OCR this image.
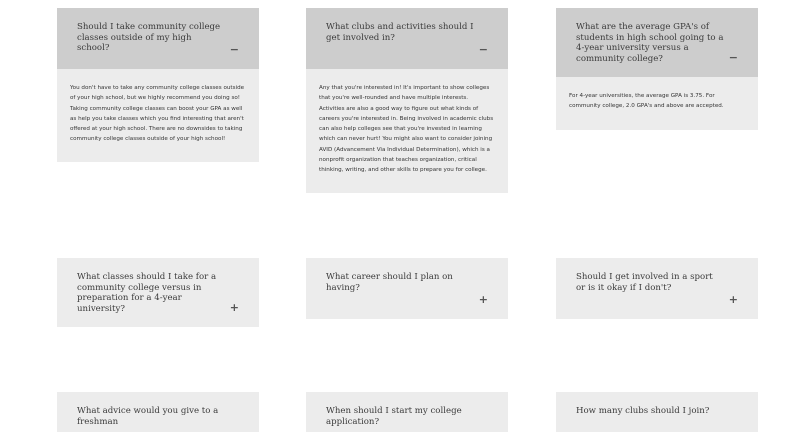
Should I take community college classes outside of my high school?	−
You don't have to take any community college classes outside of your high school, but we highly recommend you doing so! Taking community college classes can boost your GPA as well as help you take classes which you find interesting that aren't offered at your high school. There are no downsides to taking community college classes outside of your high school!
What clubs and activities should I get involved in?
−
Any that you're interested in! It's important to show colleges that you're well-rounded and have multiple interests. Activities are also a good way to figure out what kinds of careers you're interested in. Being involved in academic clubs can also help colleges see that you're invested in learning which can never hurt! You might also want to consider joining AVID (Advancement Via Individual Determination), which is a nonprofit organization that teaches organization, critical thinking, writing, and other skills to prepare you for college.
What are the average GPA's of students in high school going to a 4-year university versus a community college?	−
For 4-year universities, the average GPA is 3.75. For community college, 2.0 GPA's and above are accepted.
What classes should I take for a community college versus in preparation for a 4-year university?	+
What career should I plan on having?
+
Should I get involved in a sport or is it okay if I don't?
+
What advice would you give to a freshman
When should I start my college application?
How many clubs should I join?
